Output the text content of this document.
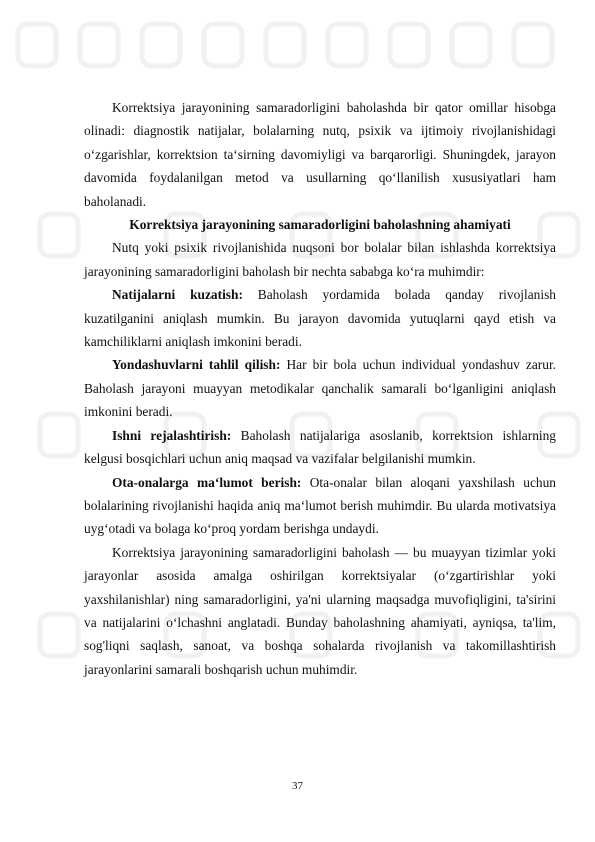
Korrektsiya jarayonining samaradorligini baholashda bir qator omillar hisobga olinadi: diagnostik natijalar, bolalarning nutq, psixik va ijtimoiy rivojlanishidagi o‘zgarishlar, korrektsion ta‘sirning davomiyligi va barqarorligi. Shuningdek, jarayon davomida foydalanilgan metod va usullarning qo‘llanilish xususiyatlari ham baholanadi.

Korrektsiya jarayonining samaradorligini baholashning ahamiyati

Nutq yoki psixik rivojlanishida nuqsoni bor bolalar bilan ishlashda korrektsiya jarayonining samaradorligini baholash bir nechta sababga ko‘ra muhimdir:

Natijalarni kuzatish: Baholash yordamida bolada qanday rivojlanish kuzatilganini aniqlash mumkin. Bu jarayon davomida yutuqlarni qayd etish va kamchiliklarni aniqlash imkonini beradi.

Yondashuvlarni tahlil qilish: Har bir bola uchun individual yondashuv zarur. Baholash jarayoni muayyan metodikalar qanchalik samarali bo‘lganligini aniqlash imkonini beradi.

Ishni rejalashtirish: Baholash natijalariga asoslanib, korrektsion ishlarning kelgusi bosqichlari uchun aniq maqsad va vazifalar belgilanishi mumkin.

Ota-onalarga ma‘lumot berish: Ota-onalar bilan aloqani yaxshilash uchun bolalarining rivojlanishi haqida aniq ma‘lumot berish muhimdir. Bu ularda motivatsiya uyg‘otadi va bolaga ko‘proq yordam berishga undaydi.

Korrektsiya jarayonining samaradorligini baholash — bu muayyan tizimlar yoki jarayonlar asosida amalga oshirilgan korrektsiyalar (o‘zgartirishlar yoki yaxshilanishlar) ning samaradorligini, ya'ni ularning maqsadga muvofiqligini, ta'sirini va natijalarini o‘lchashni anglatadi. Bunday baholashning ahamiyati, ayniqsa, ta'lim, sog'liqni saqlash, sanoat, va boshqa sohalarda rivojlanish va takomillashtirish jarayonlarini samarali boshqarish uchun muhimdir.

37
